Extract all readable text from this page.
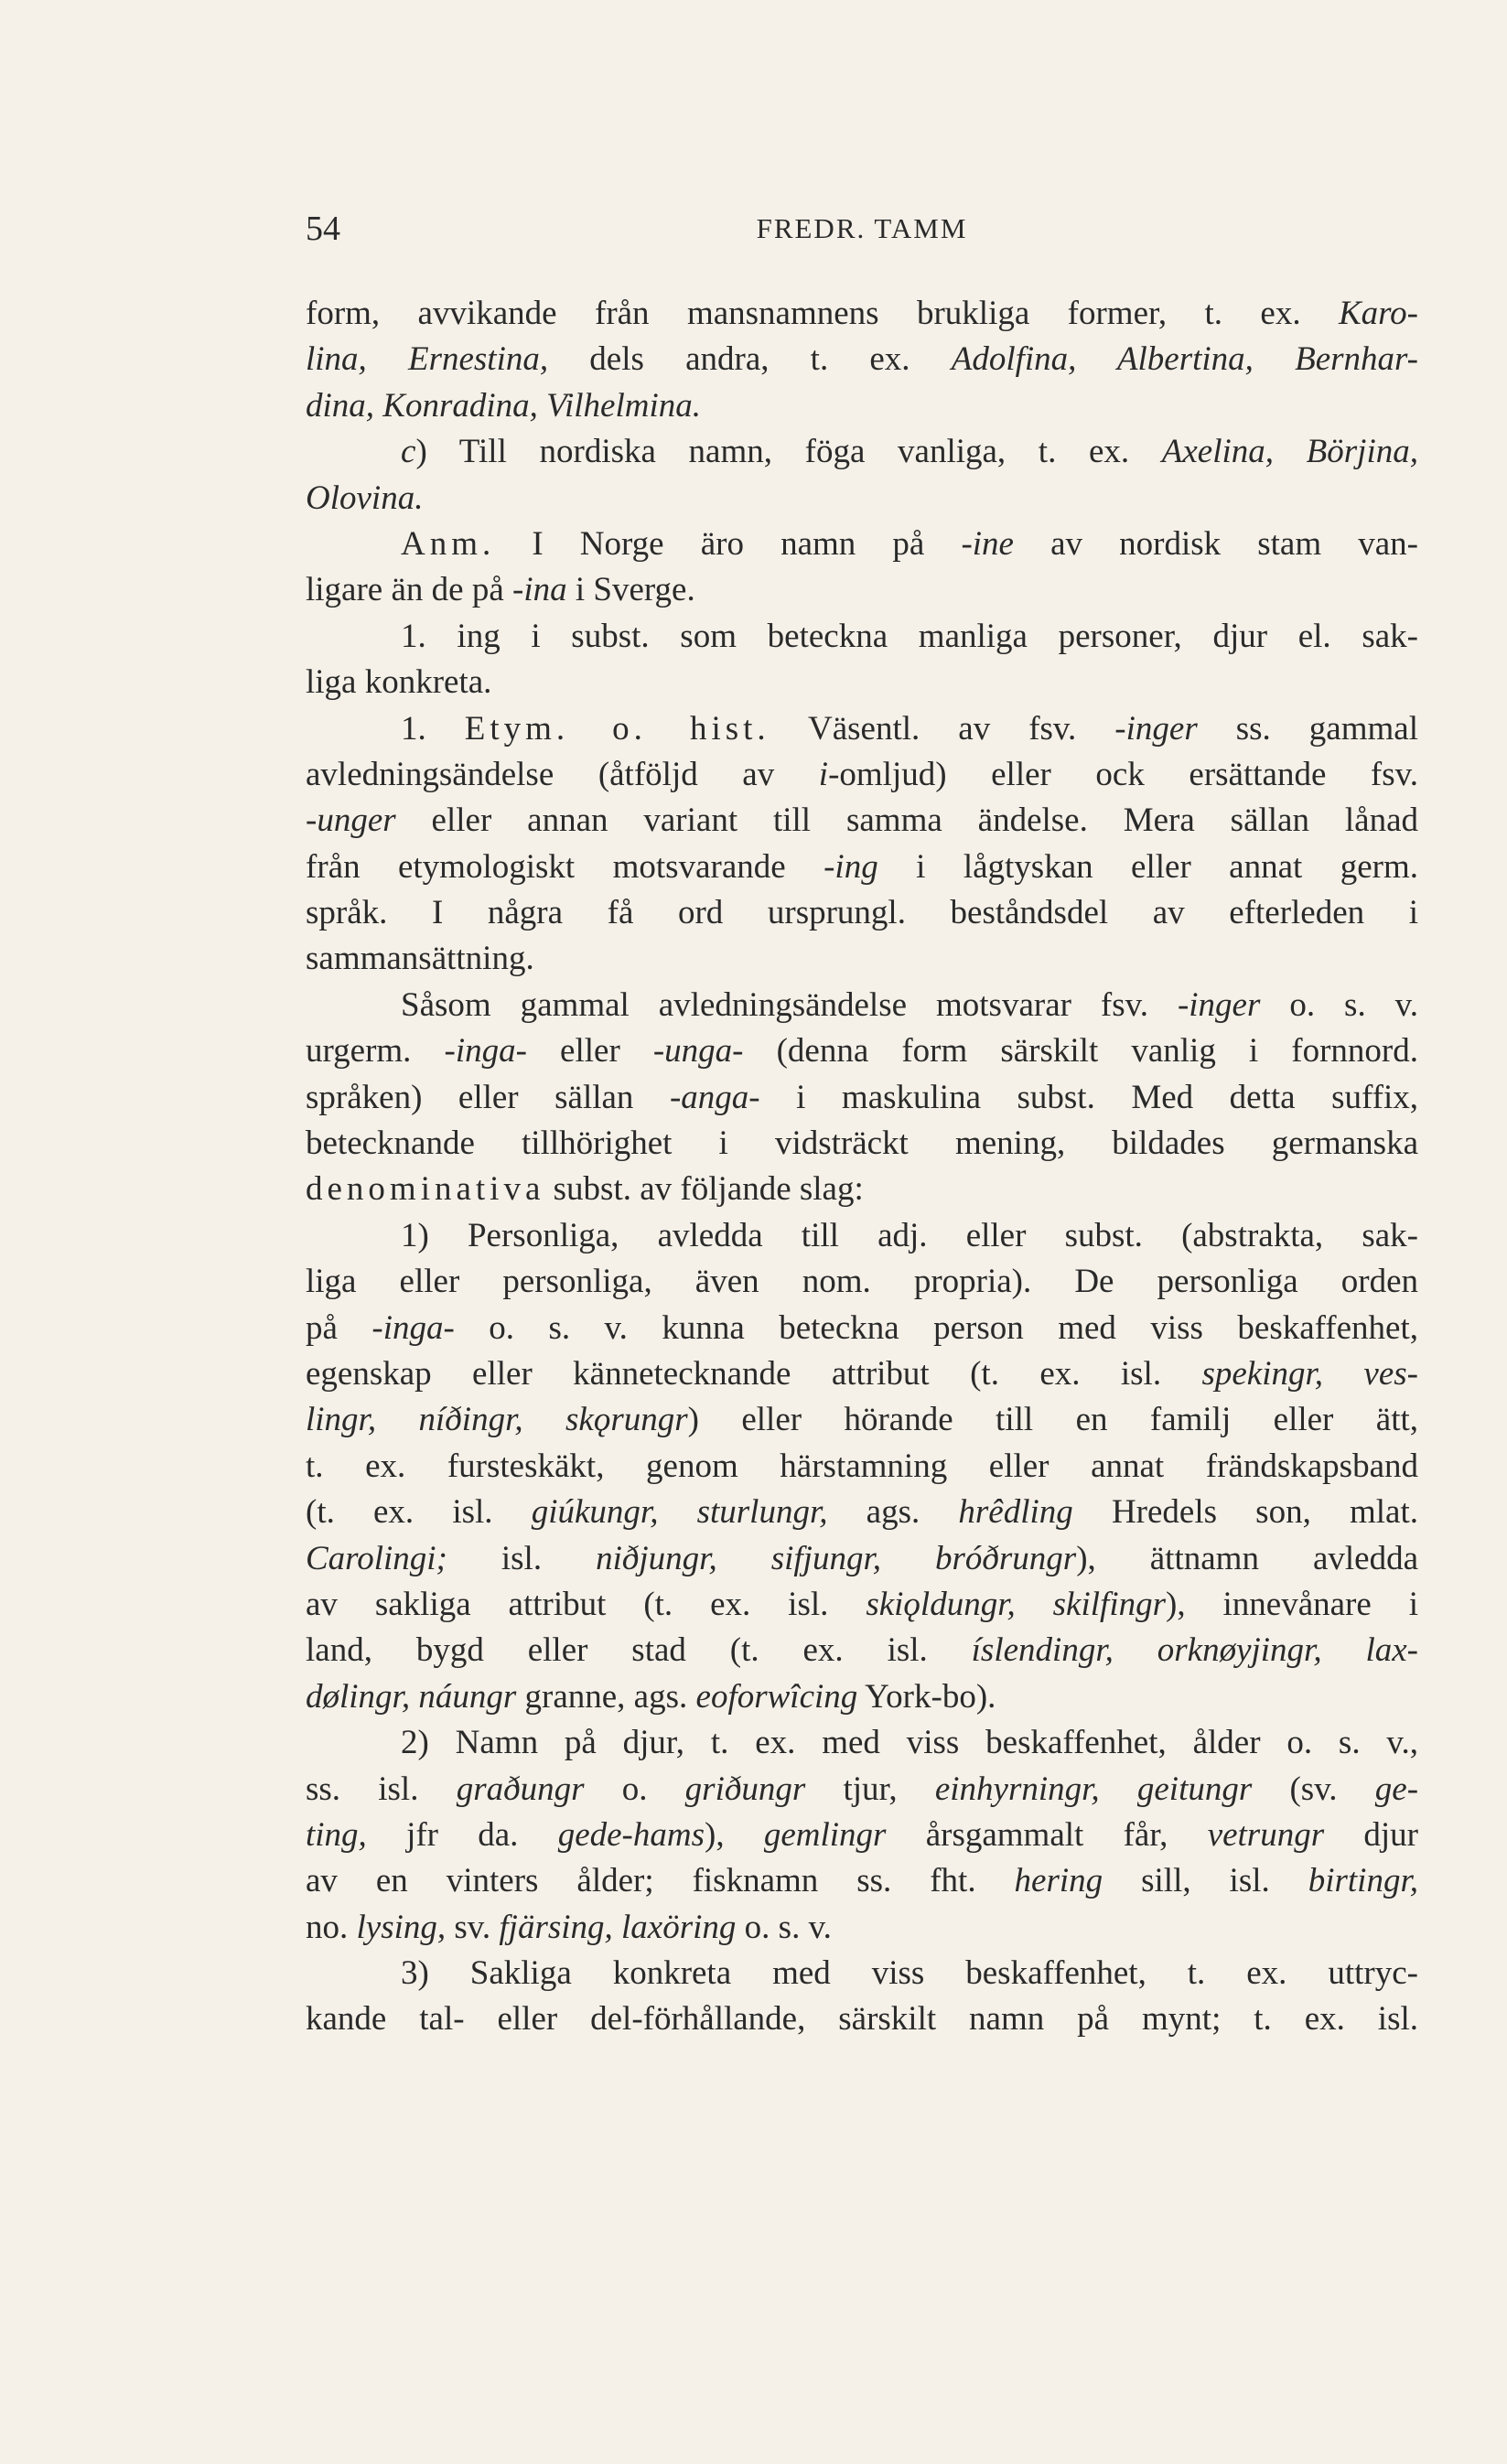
54	FREDR. TAMM
form, avvikande från mansnamnens brukliga former, t. ex. Karo-
lina, Ernestina, dels andra, t. ex. Adolfina, Albertina, Bernhar-
dina, Konradina, Vilhelmina.
c) Till nordiska namn, föga vanliga, t. ex. Axelina, Börjina,
Olovina.
Anm. I Norge äro namn på -ine av nordisk stam van-
ligare än de på -ina i Sverge.
1. ing i subst. som beteckna manliga personer, djur el. sak-
liga konkreta.
1. Etym. o. hist. Väsentl. av fsv. -inger ss. gammal
avledningsändelse (åtföljd av i-omljud) eller ock ersättande fsv.
-unger eller annan variant till samma ändelse. Mera sällan lånad
från etymologiskt motsvarande -ing i lågtyskan eller annat germ.
språk. I några få ord ursprungl. beståndsdel av efterleden i
sammansättning.
Såsom gammal avledningsändelse motsvarar fsv. -inger o. s. v.
urgerm. -inga- eller -unga- (denna form särskilt vanlig i fornnord.
språken) eller sällan -anga- i maskulina subst. Med detta suffix,
betecknande tillhörighet i vidsträckt mening, bildades germanska
denominativa subst. av följande slag:
1) Personliga, avledda till adj. eller subst. (abstrakta, sak-
liga eller personliga, även nom. propria). De personliga orden
på -inga- o. s. v. kunna beteckna person med viss beskaffenhet,
egenskap eller kännetecknande attribut (t. ex. isl. spekingr, ves-
lingr, níðingr, skǫrungr) eller hörande till en familj eller ätt,
t. ex. fursteskäkt, genom härstamning eller annat frändskapsband
(t. ex. isl. giúkungr, sturlungr, ags. hrêdling Hredels son, mlat.
Carolingi; isl. niðjungr, sifjungr, bróðrungr), ättnamn avledda
av sakliga attribut (t. ex. isl. skiǫldungr, skilfingr), innevånare i
land, bygd eller stad (t. ex. isl. íslendingr, orknøyjingr, lax-
dølingr, náungr granne, ags. eoforwîcing York-bo).
2) Namn på djur, t. ex. med viss beskaffenhet, ålder o. s. v.,
ss. isl. graðungr o. griðungr tjur, einhyrningr, geitungr (sv. ge-
ting, jfr da. gede-hams), gemlingr årsgammalt får, vetrungr djur
av en vinters ålder; fisknamn ss. fht. hering sill, isl. birtingr,
no. lysing, sv. fjärsing, laxöring o. s. v.
3) Sakliga konkreta med viss beskaffenhet, t. ex. uttryc-
kande tal- eller del-förhållande, särskilt namn på mynt; t. ex. isl.
